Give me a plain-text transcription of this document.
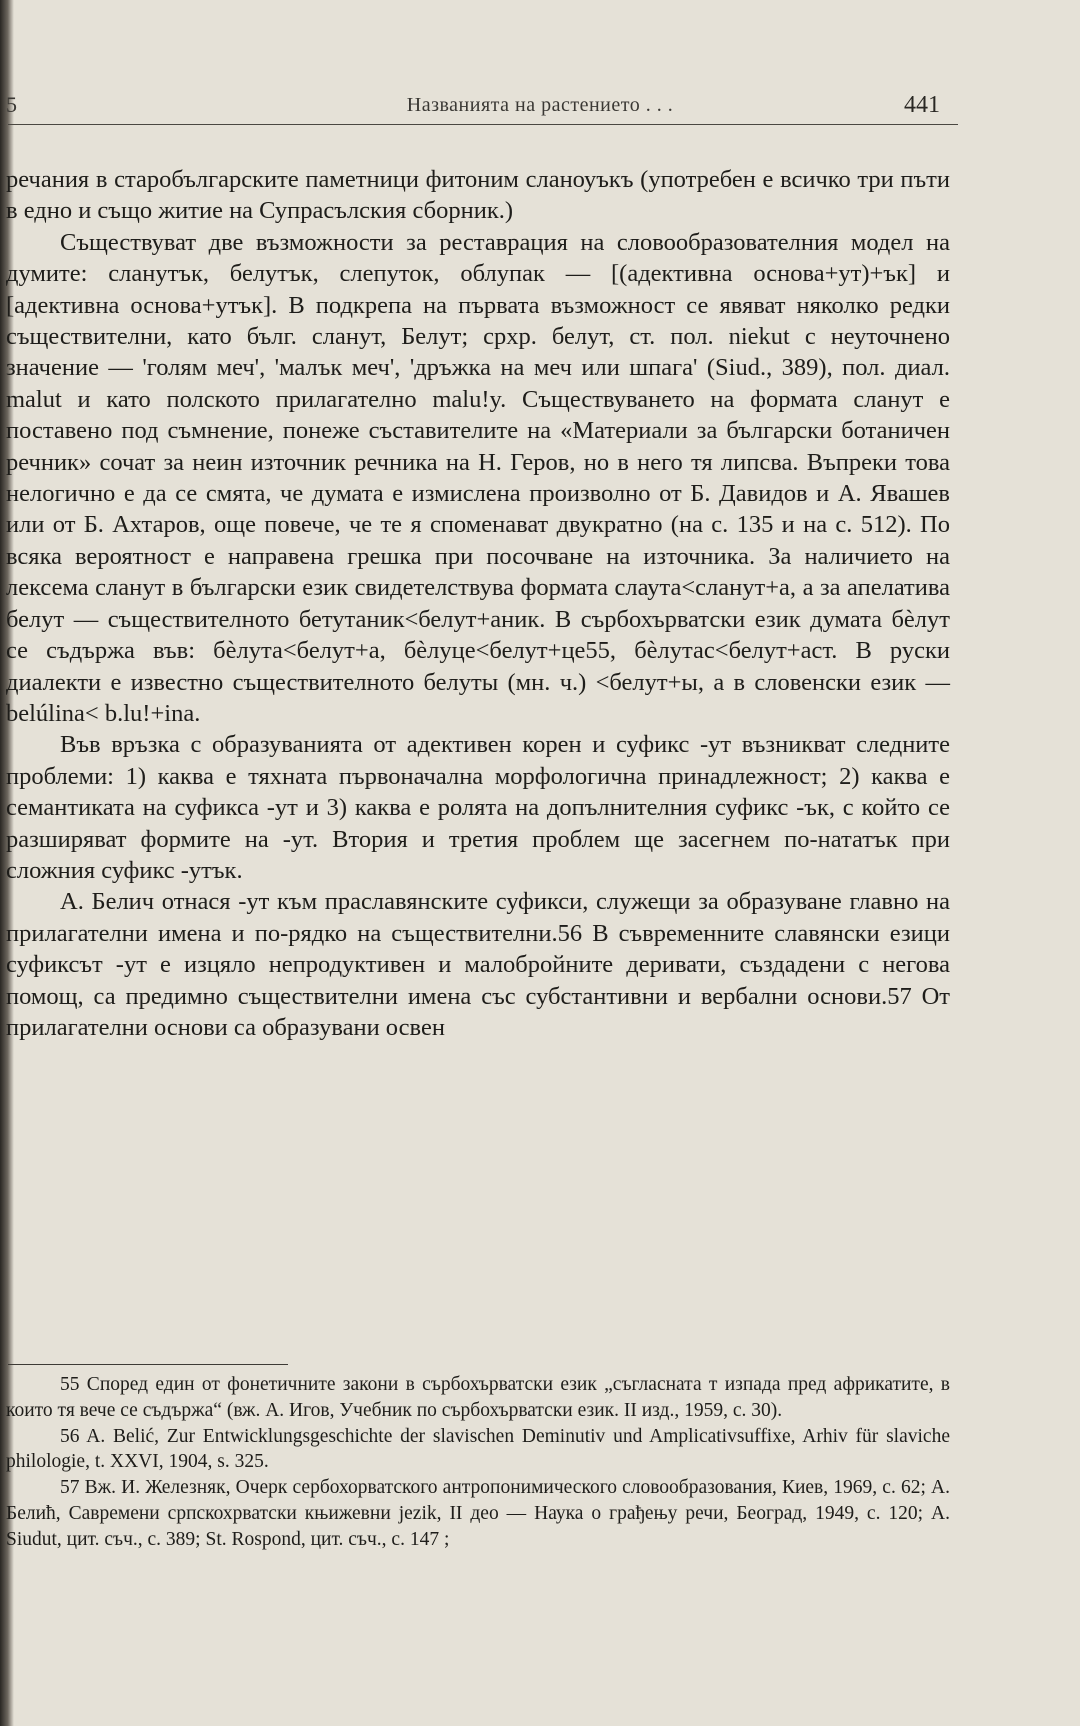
5	Названията на растението . . .	441

речания в старобългарските паметници фитоним сланоуъкъ (употребен е всичко три пъти в едно и също житие на Супрасълския сборник.)

Съществуват две възможности за реставрация на словообразователния модел на думите: сланутък, белутък, слепуток, облупак — [(адективна основа+ут)+ък] и [адективна основа+утък]. В подкрепа на първата възможност се явяват няколко редки съществителни, като бълг. сланут, Белут; срхр. белут, ст. пол. niekut с неуточнено значение — 'голям меч', 'малък меч', 'дръжка на меч или шпага' (Siud., 389), пол. диал. malut и като полското прилагателно malu!y. Съществуването на формата сланут е поставено под съмнение, понеже съставителите на «Материали за български ботаничен речник» сочат за неин източник речника на Н. Геров, но в него тя липсва. Въпреки това нелогично е да се смята, че думата е измислена произволно от Б. Давидов и А. Явашев или от Б. Ахтаров, още повече, че те я споменават двукратно (на с. 135 и на с. 512). По всяка вероятност е направена грешка при посочване на източника. За наличието на лексема сланут в български език свидетелствува формата слаута<сланут+а, а за апелатива белут — съществителното бетутаник<белут+аник. В сърбохърватски език думата бѐлут се съдържа във: бѐлута<белут+а, бѐлуце<белут+це55, бѐлутас<белут+аст. В руски диалекти е известно съществителното белуты (мн. ч.) <белут+ы, а в словенски език — belúlina< b.lu!+ina.

Във връзка с образуванията от адективен корен и суфикс -ут възникват следните проблеми: 1) каква е тяхната първоначална морфологична принадлежност; 2) каква е семантиката на суфикса -ут и 3) каква е ролята на допълнителния суфикс -ък, с който се разширяват формите на -ут. Втория и третия проблем ще засегнем по-нататък при сложния суфикс -утък.

А. Белич отнася -ут към праславянските суфикси, служещи за образуване главно на прилагателни имена и по-рядко на съществителни.56 В съвременните славянски езици суфиксът -ут е изцяло непродуктивен и малобройните деривати, създадени с негова помощ, са предимно съществителни имена със субстантивни и вербални основи.57 От прилагателни основи са образувани освен

55 Според един от фонетичните закони в сърбохърватски език „съгласната т изпада пред африкатите, в които тя вече се съдържа“ (вж. А. Игов, Учебник по сърбохърватски език. II изд., 1959, с. 30).

56 A. Belić, Zur Entwicklungsgeschichte der slavischen Deminutiv und Amplicativsuffixe, Arhiv für slaviche philologie, t. XXVI, 1904, s. 325.

57 Вж. И. Железняк, Очерк сербохорватского антропонимического словообразования, Киев, 1969, с. 62; А. Белиħ, Савремени српскохрватски књижевни jezik, II део — Наука о грађењу речи, Београд, 1949, с. 120; A. Siudut, цит. съч., с. 389; St. Rospond, цит. съч., с. 147 ;
